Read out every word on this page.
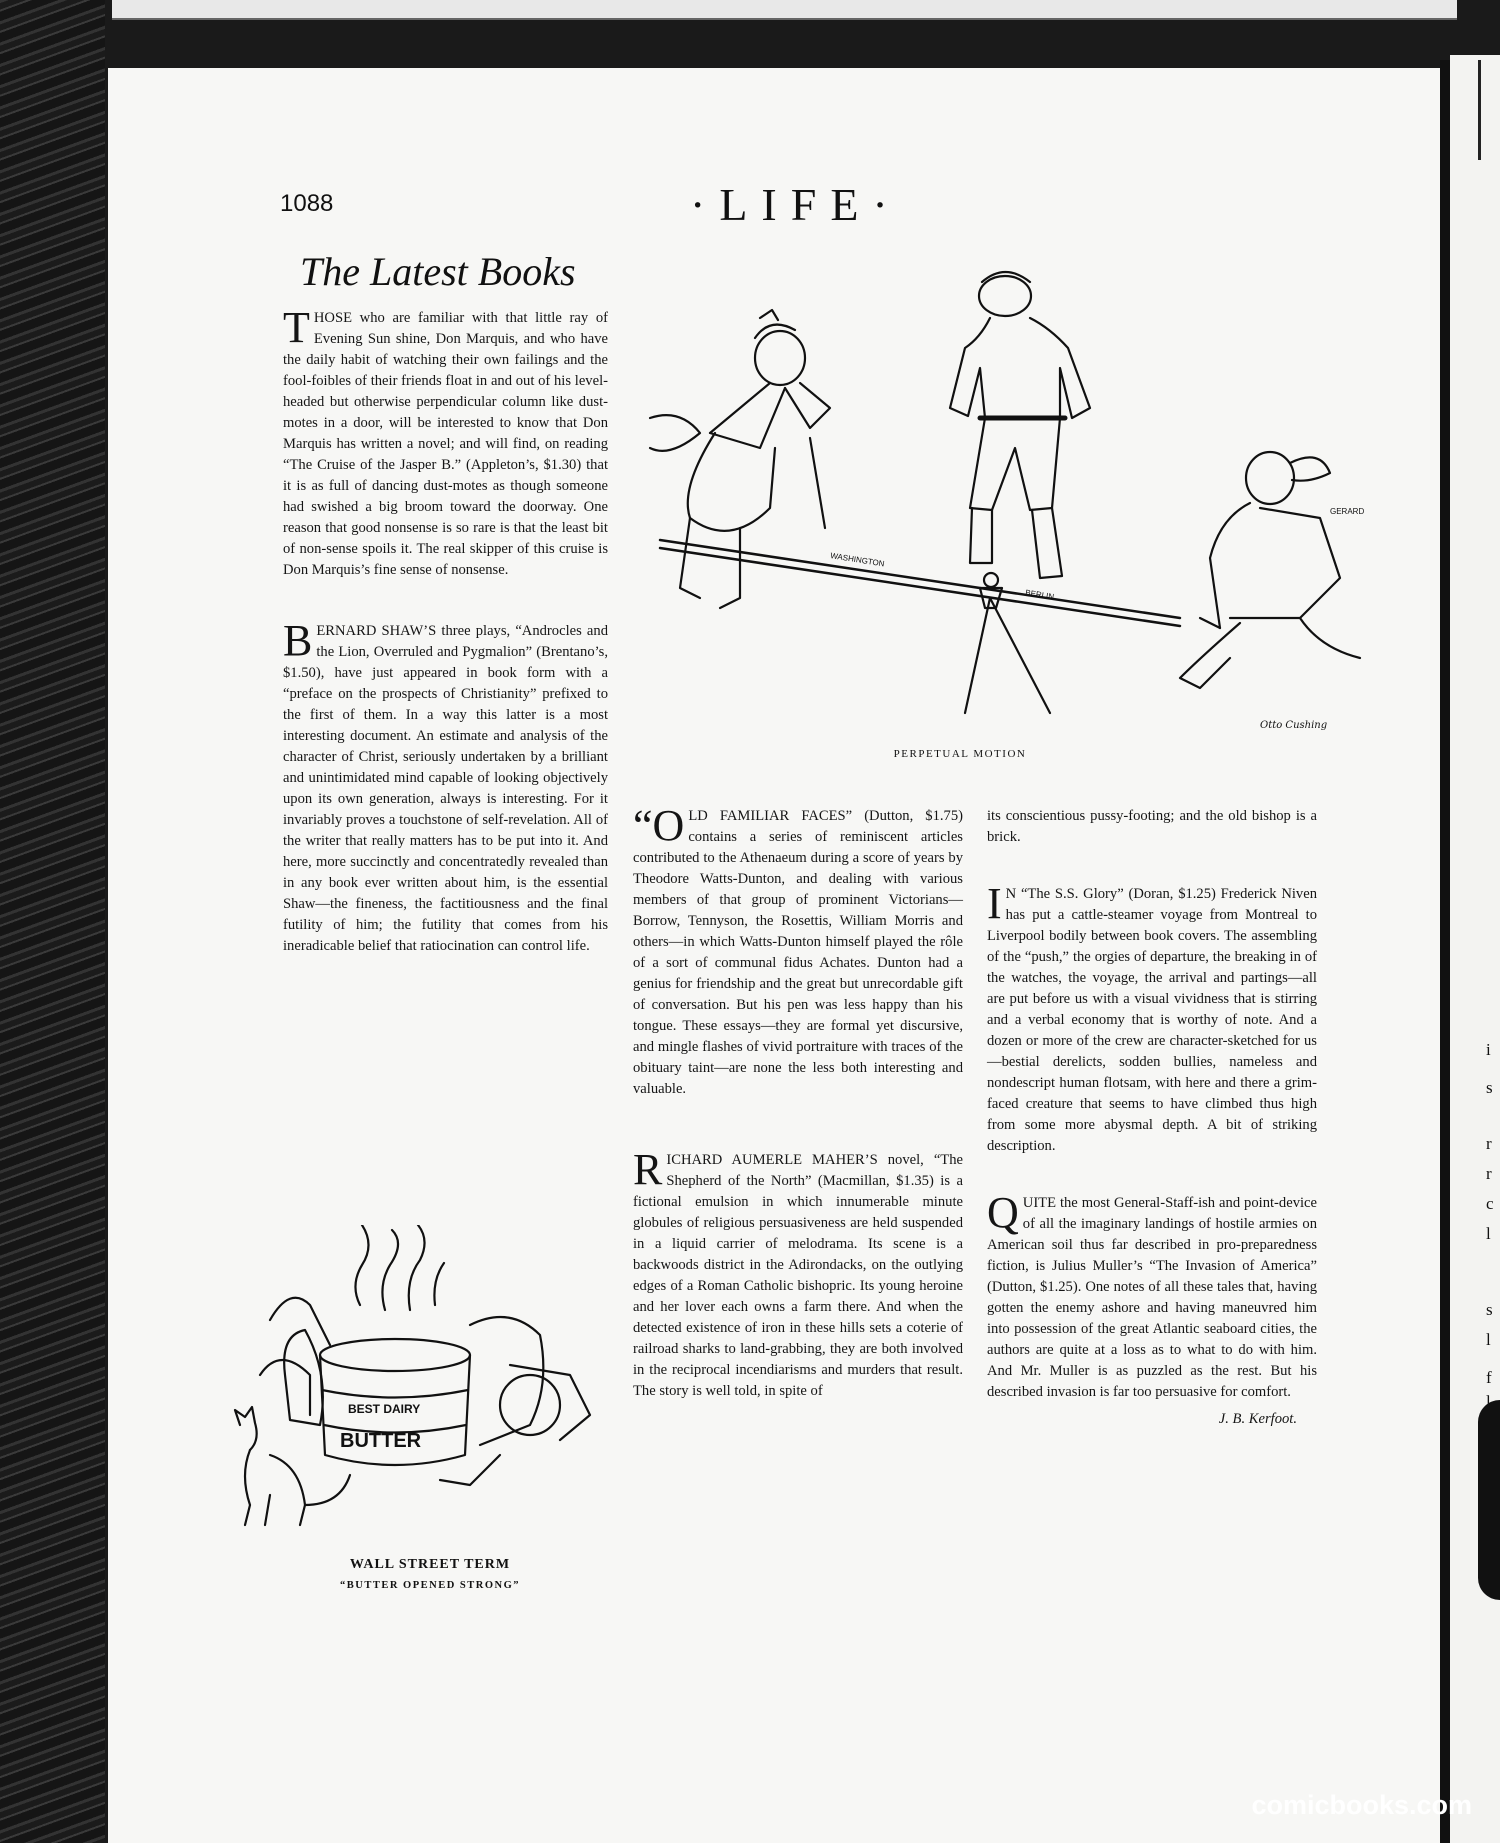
i
s
r
r
c
l
s
l
f
l
1088	·LIFE·
The Latest Books

THOSE who are familiar with that little ray of Evening Sun shine, Don Marquis, and who have the daily habit of watching their own failings and the fool-foibles of their friends float in and out of his level-headed but otherwise perpendicular column like dust-motes in a door, will be interested to know that Don Marquis has written a novel; and will find, on reading “The Cruise of the Jasper B.” (Appleton’s, $1.30) that it is as full of dancing dust-motes as though someone had swished a big broom toward the doorway. One reason that good nonsense is so rare is that the least bit of non-sense spoils it. The real skipper of this cruise is Don Marquis’s fine sense of nonsense.

BERNARD SHAW’S three plays, “Androcles and the Lion, Overruled and Pygmalion” (Brentano’s, $1.50), have just appeared in book form with a “preface on the prospects of Christianity” prefixed to the first of them. In a way this latter is a most interesting document. An estimate and analysis of the character of Christ, seriously undertaken by a brilliant and unintimidated mind capable of looking objectively upon its own generation, always is interesting. For it invariably proves a touchstone of self-revelation. All of the writer that really matters has to be put into it. And here, more succinctly and concentratedly revealed than in any book ever written about him, is the essential Shaw—the fineness, the factitiousness and the final futility of him; the futility that comes from his ineradicable belief that ratiocination can control life.

“OLD FAMILIAR FACES” (Dutton, $1.75) contains a series of reminiscent articles contributed to the Athenaeum during a score of years by Theodore Watts-Dunton, and dealing with various members of that group of prominent Victorians—Borrow, Tennyson, the Rosettis, William Morris and others—in which Watts-Dunton himself played the rôle of a sort of communal fidus Achates. Dunton had a genius for friendship and the great but unrecordable gift of conversation. But his pen was less happy than his tongue. These essays—they are formal yet discursive, and mingle flashes of vivid portraiture with traces of the obituary taint—are none the less both interesting and valuable.

RICHARD AUMERLE MAHER’S novel, “The Shepherd of the North” (Macmillan, $1.35) is a fictional emulsion in which innumerable minute globules of religious persuasiveness are held suspended in a liquid carrier of melodrama. Its scene is a backwoods district in the Adirondacks, on the outlying edges of a Roman Catholic bishopric. Its young heroine and her lover each owns a farm there. And when the detected existence of iron in these hills sets a coterie of railroad sharks to land-grabbing, they are both involved in the reciprocal incendiarisms and murders that result. The story is well told, in spite of

its conscientious pussy-footing; and the old bishop is a brick.

I N “The S.S. Glory” (Doran, $1.25) Frederick Niven has put a cattle-steamer voyage from Montreal to Liverpool bodily between book covers. The assembling of the “push,” the orgies of departure, the breaking in of the watches, the voyage, the arrival and partings—all are put before us with a visual vividness that is stirring and a verbal economy that is worthy of note. And a dozen or more of the crew are character-sketched for us —bestial derelicts, sodden bullies, nameless and nondescript human flotsam, with here and there a grim-faced creature that seems to have climbed thus high from some more abysmal depth. A bit of striking description.

QUITE the most General-Staff-ish and point-device of all the imaginary landings of hostile armies on American soil thus far described in pro-preparedness fiction, is Julius Muller’s “The Invasion of America” (Dutton, $1.25). One notes of all these tales that, having gotten the enemy ashore and having maneuvred him into possession of the great Atlantic seaboard cities, the authors are quite at a loss as to what to do with him. And Mr. Muller is as puzzled as the rest. But his described invasion is far too persuasive for comfort.

J. B. Kerfoot.
WASHINGTON
BERLIN
GERARD
Otto Cushing
PERPETUAL MOTION
BEST DAIRY
BUTTER
WALL STREET TERM
“BUTTER OPENED STRONG”
comicbooks.com
